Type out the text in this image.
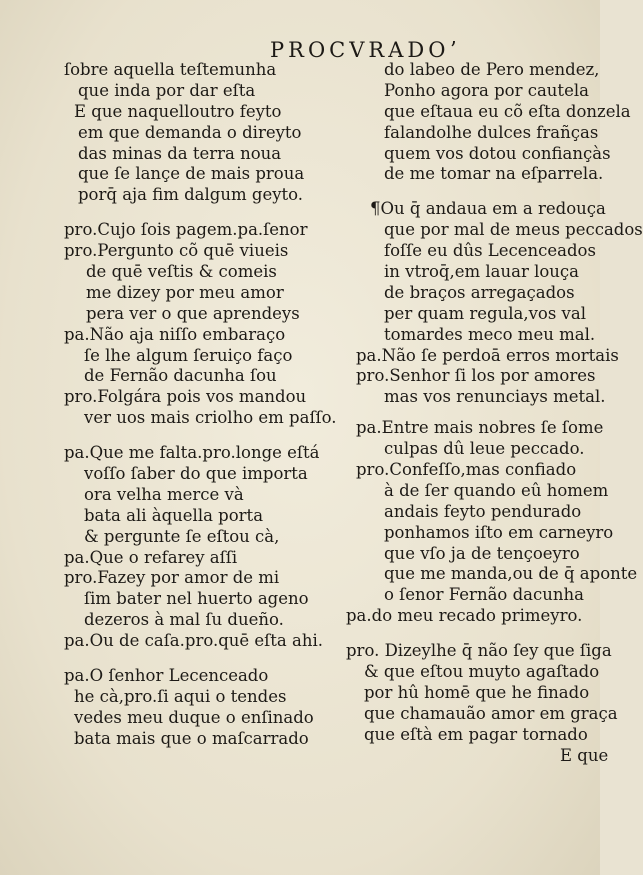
PROCVRADOʼ
ſobre aquella teſtemunha
que inda por dar eſta
E que naquelloutro feyto
em que demanda o direyto
das minas da terra noua
que ſe lançe de mais proua
porq̄ aja fim dalgum geyto.
pro.Cujo ſois pagem.pa.ſenor
pro.Pergunto cõ quē viueis
de quē veſtis & comeis
me dizey por meu amor
pera ver o que aprendeys
pa.Não aja niſſo embaraço
ſe lhe algum ſeruiço faço
de Fernão dacunha ſou
pro.Folgára pois vos mandou
ver uos mais criolho em paſſo.
pa.Que me falta.pro.longe eſtá
voſſo ſaber do que importa
ora velha merce và
bata ali àquella porta
& pergunte ſe eſtou cà,
pa.Que o refarey aſſi
pro.Fazey por amor de mi
ſim bater nel huerto ageno
dezeros à mal ſu dueño.
pa.Ou de caſa.pro.quē eſta ahi.
pa.O ſenhor Lecenceado
he cà,pro.ſi aqui o tendes
vedes meu duque o enſinado
bata mais que o maſcarrado
do labeo de Pero mendez,
Ponho agora por cautela
que eſtaua eu cõ eſta donzela
falandolhe dulces frañças
quem vos dotou confiançàs
de me tomar na eſparrela.
¶Ou q̄ andaua em a redouça
que por mal de meus peccados
foſſe eu dûs Lecenceados
in vtroq̄,em lauar louça
de braços arregaçados
per quam regula,vos val
tomardes meco meu mal.
pa.Não ſe perdoā erros mortais
pro.Senhor ſi los por amores
mas vos renunciays metal.
pa.Entre mais nobres ſe ſome
culpas dû leue peccado.
pro.Confeſſo,mas confiado
à de ſer quando eû homem
andais feyto pendurado
ponhamos iſto em carneyro
que vſo ja de tençoeyro
que me manda,ou de q̄ aponte
o ſenor Fernão dacunha
pa.do meu recado primeyro.
pro. Dizeylhe q̄ não ſey que ſiga
& que eſtou muyto agaſtado
por hû homē que he finado
que chamauão amor em graça
que eſtà em pagar tornado
E que
